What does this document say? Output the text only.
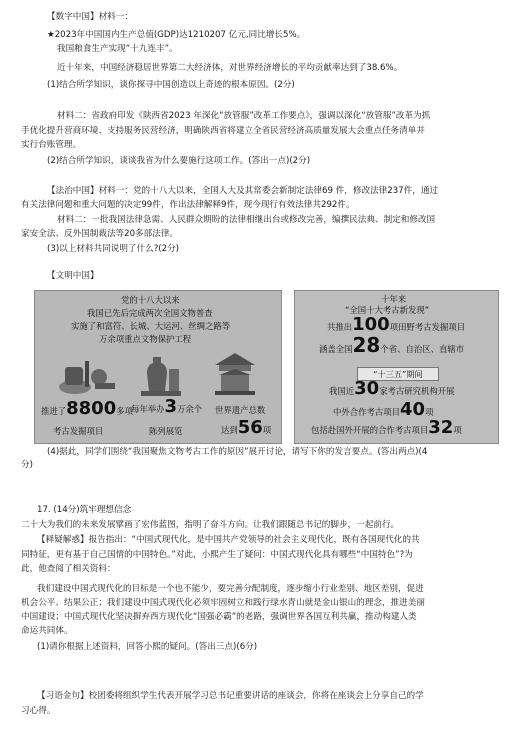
【数字中国】材料一：
★2023年中国国内生产总值(GDP)达1210207 亿元,同比增长5%。
我国粮食生产实现“十九连丰”。
近十年来，中国经济稳居世界第二大经济体，对世界经济增长的平均贡献率达到了38.6%。
(1)结合所学知识，谈你探寻中国创造以上奇迹的根本原因。(2分)
材料二：省政府印发《陕西省2023 年深化“放管服”改革工作要点》，强调以深化“放管服”改革为抓
手优化提升营商环境、支持服务民营经济，明确陕西省将建立全省民营经济高质量发展大会重点任务清单并
实行台账管理。
(2)结合所学知识，谈谈我省为什么要施行这项工作。(答出一点)(2分)
【法治中国】材料一：党的十八大以来，全国人大及其常委会新制定法律69 件，修改法律237件，通过
有关法律问题和重大问题的决定99件，作出法律解释9件，现今现行有效法律共292件。
材料二：一批我国法律急需、人民群众期盼的法律相继出台或修改完善，编撰民法典、制定和修改国
家安全法、反外国制裁法等20多部法律。
(3)以上材料共同说明了什么?(2分)
【文明中国】
党的十八大以来
我国已先后完成两次全国文物普查
实施了和富符、长城、大运河、丝绸之路等
万余项重点文物保护工程
推进了8800多项
考古发掘项目
每年举办3万余个
陈列展览
世界遗产总数
达到56项
十年来
“全国十大考古新发现”
共推出100项田野考古发掘项目
涵盖全国28个省、自治区、直辖市
“十三五”期间
我国近30家考古研究机构开展
中外合作考古项目40项
包括赴国外开展的合作考古项目32项
(4)据此，同学们围绕“我国聚焦文物考古工作的原因”展开讨论，请写下你的发言要点。(答出两点)(4
分)
17. (14分)筑牢理想信念
二十大为我们的未来发展擘画了宏伟蓝图，指明了奋斗方向。让我们跟随总书记的脚步，一起前行。
【释疑解惑】报告指出：“中国式现代化，是中国共产党领导的社会主义现代化，既有各国现代化的共
同特征，更有基于自己国情的中国特色。”对此，小熙产生了疑问：中国式现代化具有哪些“中国特色”?为
此，他查阅了相关资料：
我们建设中国式现代化的目标是一个也不能少，要完善分配制度，逐步缩小行业差别、地区差别，促进
机会公平、结果公正；我们建设中国式现代化必须牢固树立和践行绿水青山就是金山银山的理念，推进美丽
中国建设；中国式现代化坚决摒弃西方现代化“国强必霸”的老路，强调世界各国互利共赢，推动构建人类
命运共同体。
(1)请你根据上述资料，回答小熙的疑问。(答出三点)(6分)
【习语金句】校团委将组织学生代表开展学习总书记重要讲话的座谈会，你将在座谈会上分享自己的学
习心得。
